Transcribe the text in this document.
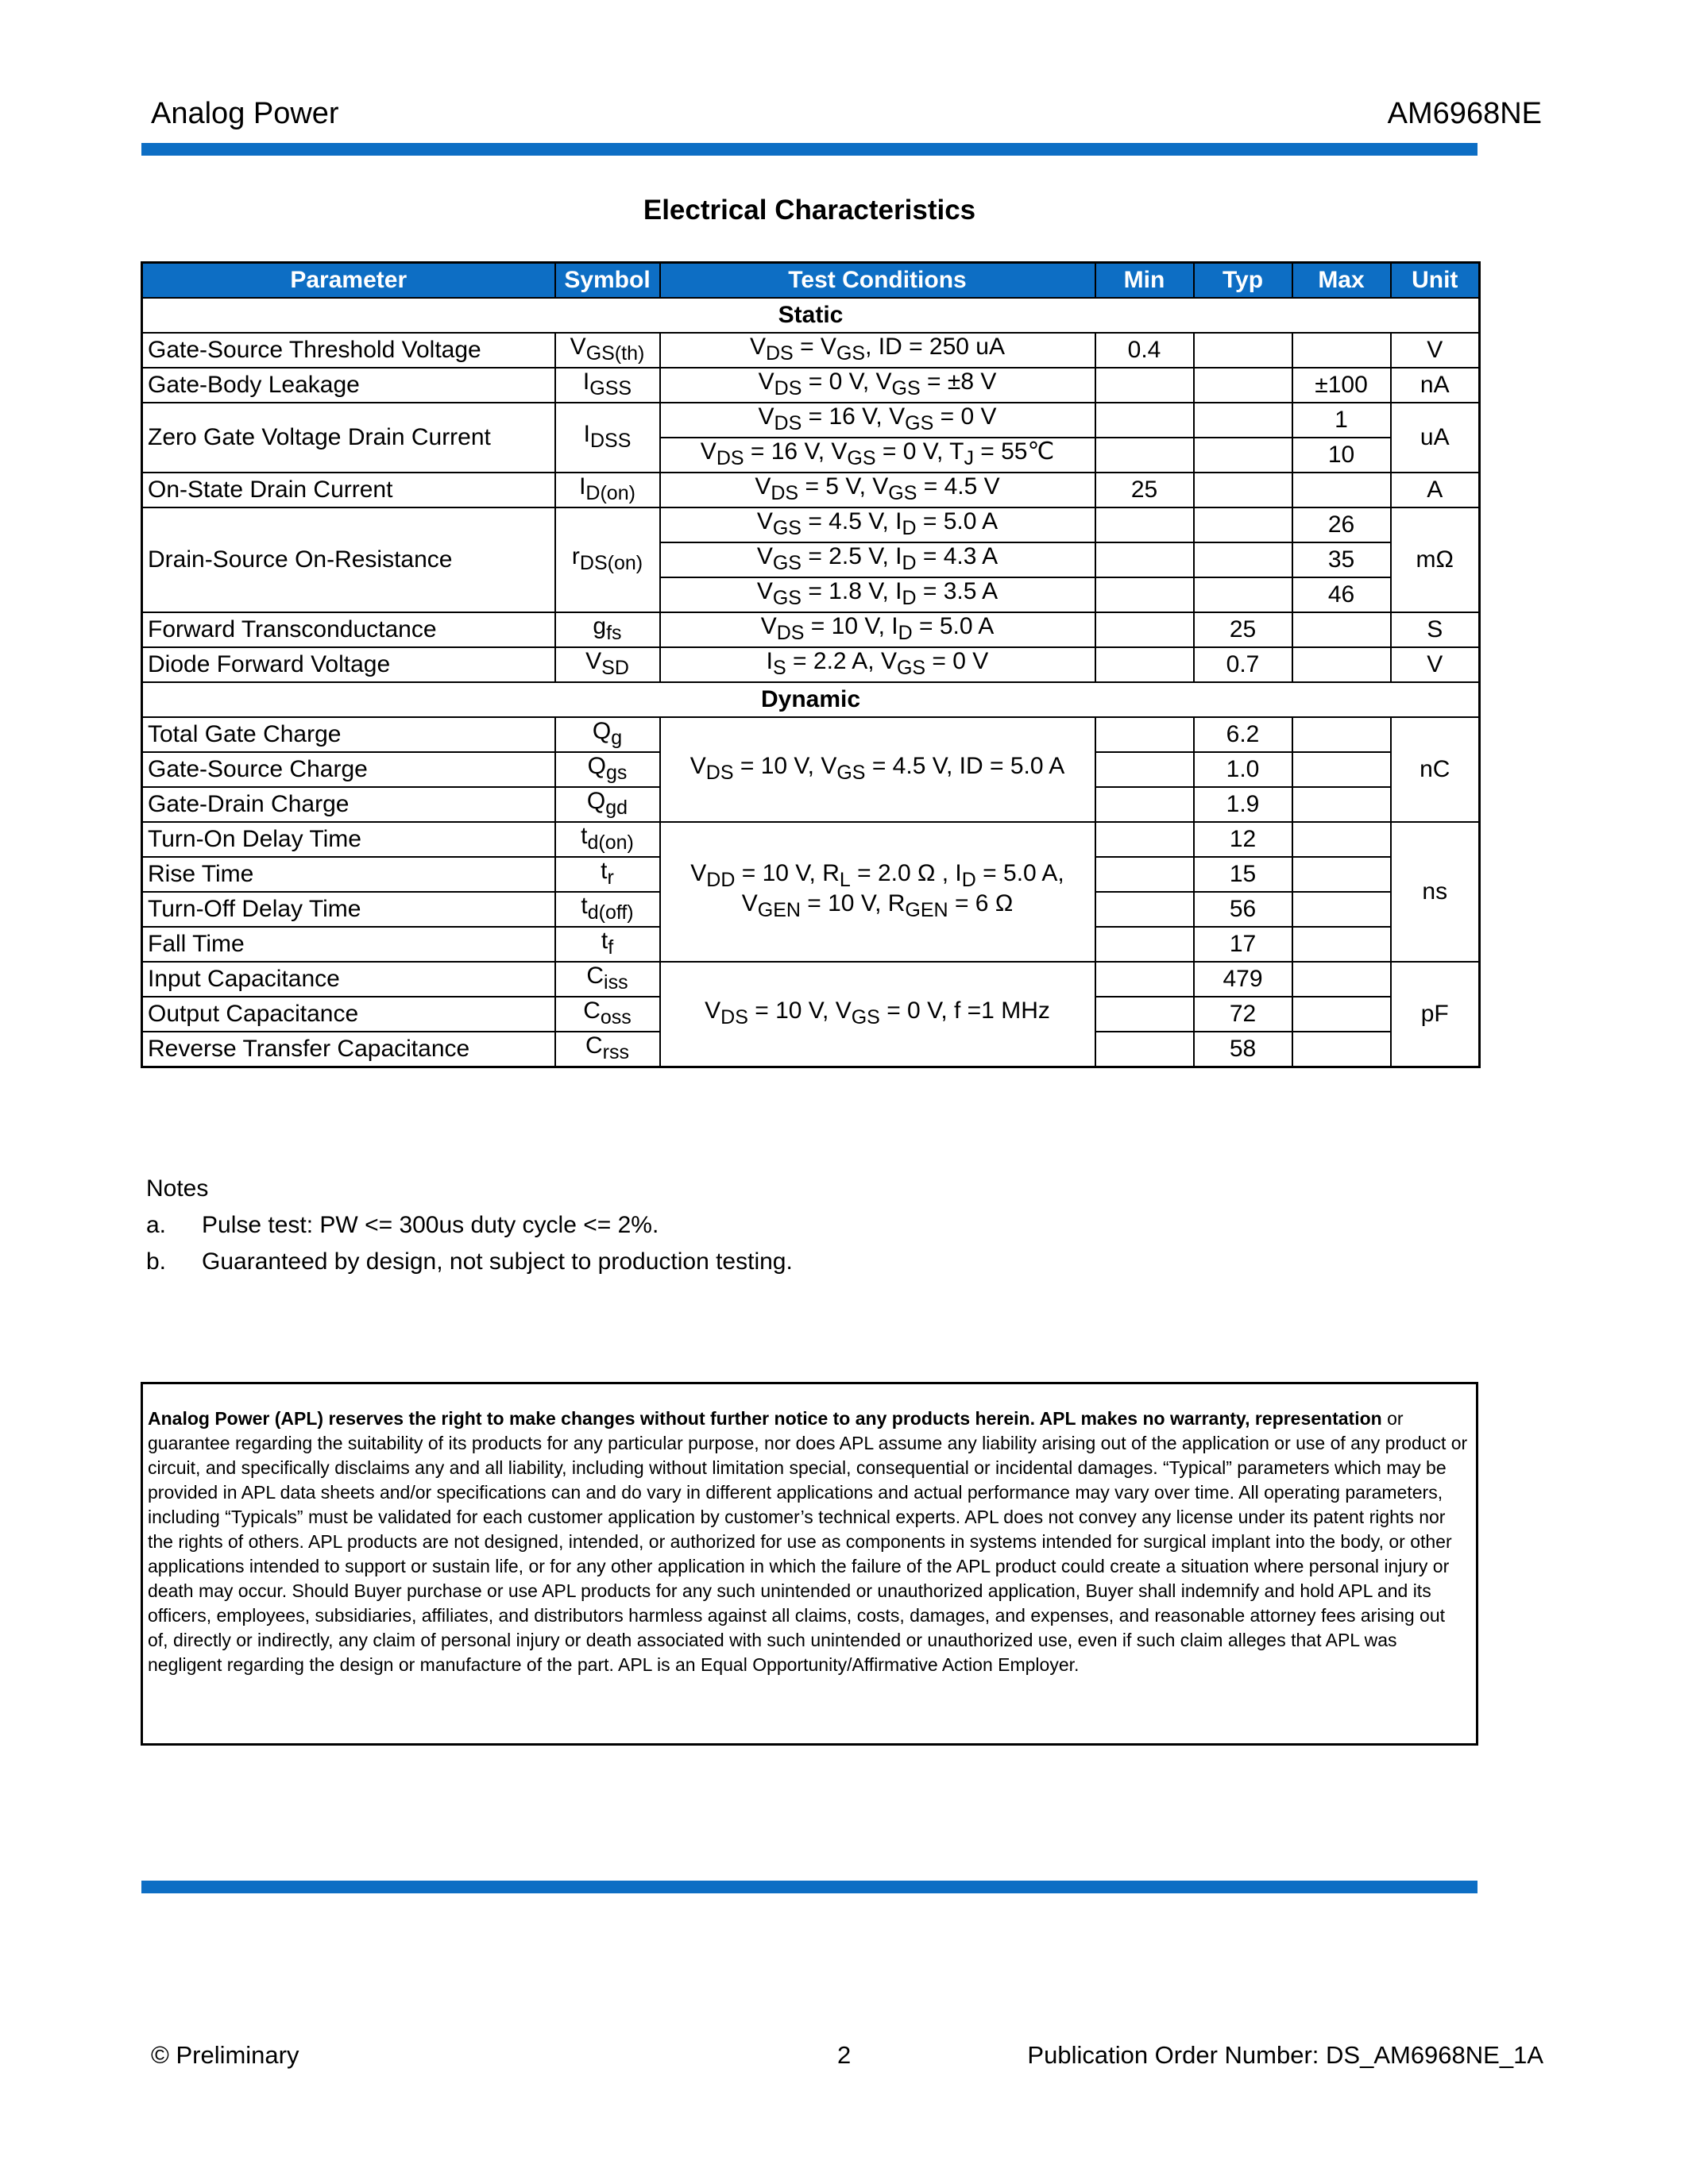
Analog Power	AM6968NE
Electrical Characteristics
Parameter	Symbol	Test Conditions	Min	Typ	Max	Unit
Static						
Gate-Source Threshold Voltage	$V_{GS(th)}$	$V_{DS} = V_{GS}$, ID = 250 uA	0.4			V
Gate-Body Leakage	$I_{GSS}$	$V_{DS} = 0$ V, $V_{GS} = \pm 8$ V			±100	nA
Zero Gate Voltage Drain Current	$I_{DSS}$	$V_{DS} = 16$ V, $V_{GS} = 0$ V			1	uA
		$V_{DS} = 16$ V, $V_{GS} = 0$ V, $T_J$ = 55℃			10	
On-State Drain Current	$I_{D(on)}$	$V_{DS} = 5$ V, $V_{GS} = 4.5$ V	25			A
Drain-Source On-Resistance	$r_{DS(on)}$	$V_{GS} = 4.5$ V, $I_D = 5.0$ A			26	mΩ
		$V_{GS} = 2.5$ V, $I_D = 4.3$ A			35	
		$V_{GS} = 1.8$ V, $I_D = 3.5$ A			46	
Forward Transconductance	$g_{fs}$	$V_{DS} = 10$ V, $I_D = 5.0$ A		25		S
Diode Forward Voltage	$V_{SD}$	$I_S = 2.2$ A, $V_{GS} = 0$ V		0.7		V
Dynamic						
Total Gate Charge	$Q_g$	$V_{DS} = 10$ V, $V_{GS} = 4.5$ V, ID = 5.0 A		6.2		nC
Gate-Source Charge	$Q_{gs}$			1.0		
Gate-Drain Charge	$Q_{gd}$			1.9		
Turn-On Delay Time	$t_{d(on)}$	$V_{DD} = 10$ V, $R_L = 2.0$ Ω , $I_D = 5.0$ A,
$V_{GEN} = 10$ V, $R_{GEN} = 6$ Ω		12		ns
Rise Time	$t_r$			15		
Turn-Off Delay Time	$t_{d(off)}$			56		
Fall Time	$t_f$			17		
Input Capacitance	$C_{iss}$	$V_{DS} = 10$ V, $V_{GS} = 0$ V, f =1 MHz		479		pF
Output Capacitance	$C_{oss}$			72		
Reverse Transfer Capacitance	$C_{rss}$			58		
Notes
a.	Pulse test: PW <= 300us duty cycle <= 2%.
b.	Guaranteed by design, not subject to production testing.
Analog Power (APL) reserves the right to make changes without further notice to any products herein. APL makes no warranty, representation or guarantee regarding the suitability of its products for any particular purpose, nor does APL assume any liability arising out of the application or use of any product or circuit, and specifically disclaims any and all liability, including without limitation special, consequential or incidental damages. “Typical” parameters which may be provided in APL data sheets and/or specifications can and do vary in different applications and actual performance may vary over time. All operating parameters, including “Typicals” must be validated for each customer application by customer’s technical experts. APL does not convey any license under its patent rights nor the rights of others. APL products are not designed, intended, or authorized for use as components in systems intended for surgical implant into the body, or other applications intended to support or sustain life, or for any other application in which the failure of the APL product could create a situation where personal injury or death may occur. Should Buyer purchase or use APL products for any such unintended or unauthorized application, Buyer shall indemnify and hold APL and its officers, employees, subsidiaries, affiliates, and distributors harmless against all claims, costs, damages, and expenses, and reasonable attorney fees arising out of, directly or indirectly, any claim of personal injury or death associated with such unintended or unauthorized use, even if such claim alleges that APL was negligent regarding the design or manufacture of the part. APL is an Equal Opportunity/Affirmative Action Employer.
© Preliminary	2	Publication Order Number: DS_AM6968NE_1A
